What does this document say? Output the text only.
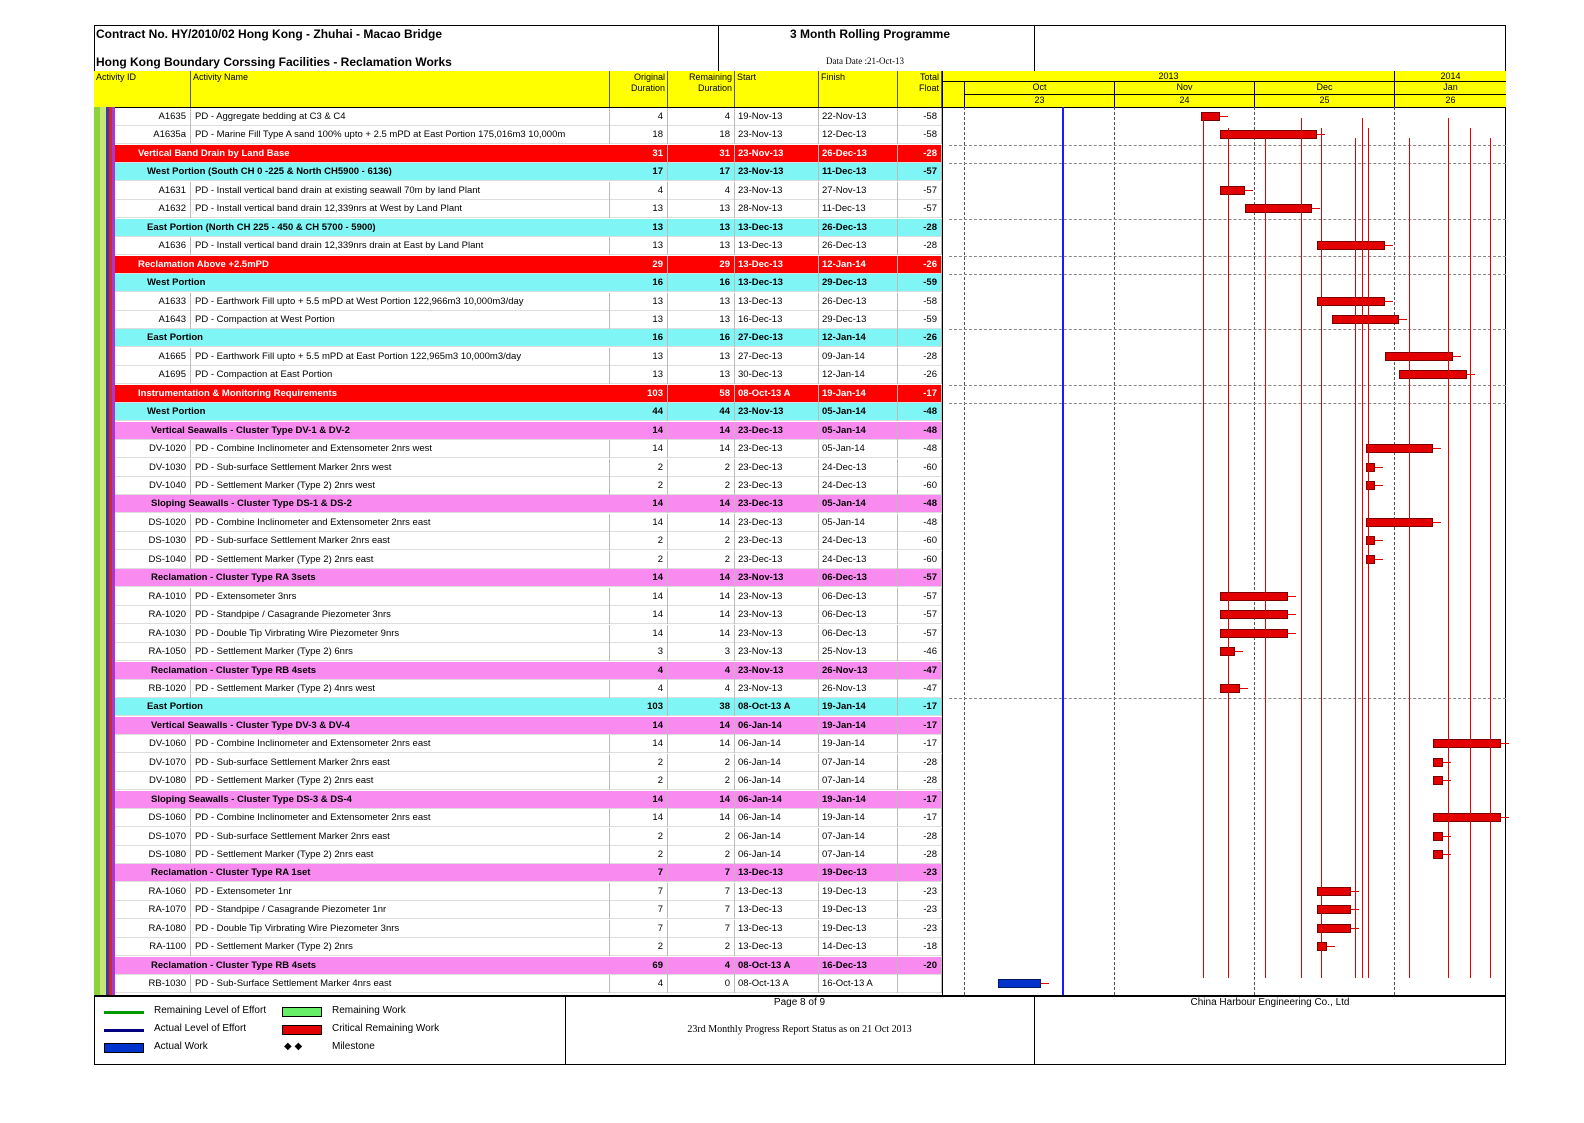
Contract No. HY/2010/02 Hong Kong - Zhuhai - Macao Bridge
Hong Kong Boundary Corssing Facilities - Reclamation Works
3 Month Rolling Programme
Data Date :21-Oct-13
Activity ID	Activity Name	Original
Duration
Remaining
Duration
Start	Finish	Total
Float
2013	2014
Oct	Nov	Dec	Jan
23	24	25	26
A1635 PD - Aggregate bedding at C3 & C4	4	4 19-Nov-13	22-Nov-13	-58
A1635a PD - Marine Fill Type A sand 100% upto + 2.5 mPD at East Portion 175,016m3 10,000m	18	18 23-Nov-13	12-Dec-13	-58
Vertical Band Drain by Land Base	31	31 23-Nov-13	26-Dec-13	-28
West Portion (South CH 0 -225 & North CH5900 - 6136)	17	17 23-Nov-13	11-Dec-13	-57
A1631 PD - Install vertical band drain at existing seawall 70m by land Plant	4	4 23-Nov-13	27-Nov-13	-57
A1632 PD - Install vertical band drain 12,339nrs at West by Land Plant	13	13 28-Nov-13	11-Dec-13	-57
East Portion (North CH 225 - 450 & CH 5700 - 5900)	13	13 13-Dec-13	26-Dec-13	-28
A1636 PD - Install vertical band drain 12,339nrs drain at East by Land Plant	13	13 13-Dec-13	26-Dec-13	-28
Reclamation Above +2.5mPD	29	29 13-Dec-13	12-Jan-14	-26
West Portion	16	16 13-Dec-13	29-Dec-13	-59
A1633 PD - Earthwork Fill upto + 5.5 mPD at West Portion 122,966m3 10,000m3/day	13	13 13-Dec-13	26-Dec-13	-58
A1643 PD - Compaction at West Portion	13	13 16-Dec-13	29-Dec-13	-59
East Portion	16	16 27-Dec-13	12-Jan-14	-26
A1665 PD - Earthwork Fill upto + 5.5 mPD at East Portion 122,965m3 10,000m3/day	13	13 27-Dec-13	09-Jan-14	-28
A1695 PD - Compaction at East Portion	13	13 30-Dec-13	12-Jan-14	-26
Instrumentation & Monitoring Requirements	103	58 08-Oct-13 A	19-Jan-14	-17
West Portion	44	44 23-Nov-13	05-Jan-14	-48
Vertical Seawalls - Cluster Type DV-1 & DV-2	14	14 23-Dec-13	05-Jan-14	-48
DV-1020 PD - Combine Inclinometer and Extensometer 2nrs west	14	14 23-Dec-13	05-Jan-14	-48
DV-1030 PD - Sub-surface Settlement Marker 2nrs west	2	2 23-Dec-13	24-Dec-13	-60
DV-1040 PD - Settlement Marker (Type 2) 2nrs west	2	2 23-Dec-13	24-Dec-13	-60
Sloping Seawalls - Cluster Type DS-1 & DS-2	14	14 23-Dec-13	05-Jan-14	-48
DS-1020 PD - Combine Inclinometer and Extensometer 2nrs east	14	14 23-Dec-13	05-Jan-14	-48
DS-1030 PD - Sub-surface Settlement Marker 2nrs east	2	2 23-Dec-13	24-Dec-13	-60
DS-1040 PD - Settlement Marker (Type 2) 2nrs east	2	2 23-Dec-13	24-Dec-13	-60
Reclamation - Cluster Type RA 3sets	14	14 23-Nov-13	06-Dec-13	-57
RA-1010 PD - Extensometer 3nrs	14	14 23-Nov-13	06-Dec-13	-57
RA-1020 PD - Standpipe / Casagrande Piezometer 3nrs	14	14 23-Nov-13	06-Dec-13	-57
RA-1030 PD - Double Tip Virbrating Wire Piezometer 9nrs	14	14 23-Nov-13	06-Dec-13	-57
RA-1050 PD - Settlement Marker (Type 2) 6nrs	3	3 23-Nov-13	25-Nov-13	-46
Reclamation - Cluster Type RB 4sets	4	4 23-Nov-13	26-Nov-13	-47
RB-1020 PD - Settlement Marker (Type 2) 4nrs west	4	4 23-Nov-13	26-Nov-13	-47
East Portion	103	38 08-Oct-13 A	19-Jan-14	-17
Vertical Seawalls - Cluster Type DV-3 & DV-4	14	14 06-Jan-14	19-Jan-14	-17
DV-1060 PD - Combine Inclinometer and Extensometer 2nrs east	14	14 06-Jan-14	19-Jan-14	-17
DV-1070 PD - Sub-surface Settlement Marker 2nrs east	2	2 06-Jan-14	07-Jan-14	-28
DV-1080 PD - Settlement Marker (Type 2) 2nrs east	2	2 06-Jan-14	07-Jan-14	-28
Sloping Seawalls - Cluster Type DS-3 & DS-4	14	14 06-Jan-14	19-Jan-14	-17
DS-1060 PD - Combine Inclinometer and Extensometer 2nrs east	14	14 06-Jan-14	19-Jan-14	-17
DS-1070 PD - Sub-surface Settlement Marker 2nrs east	2	2 06-Jan-14	07-Jan-14	-28
DS-1080 PD - Settlement Marker (Type 2) 2nrs east	2	2 06-Jan-14	07-Jan-14	-28
Reclamation - Cluster Type RA 1set	7	7 13-Dec-13	19-Dec-13	-23
RA-1060 PD - Extensometer 1nr	7	7 13-Dec-13	19-Dec-13	-23
RA-1070 PD - Standpipe / Casagrande Piezometer 1nr	7	7 13-Dec-13	19-Dec-13	-23
RA-1080 PD - Double Tip Virbrating Wire Piezometer 3nrs	7	7 13-Dec-13	19-Dec-13	-23
RA-1100 PD - Settlement Marker (Type 2) 2nrs	2	2 13-Dec-13	14-Dec-13	-18
Reclamation - Cluster Type RB 4sets	69	4 08-Oct-13 A	16-Dec-13	-20
RB-1030 PD - Sub-Surface Settlement Marker 4nrs east	4	0 08-Oct-13 A	16-Oct-13 A
Remaining Level of Effort	Remaining Work
Actual Level of Effort	Critical Remaining Work
Actual Work	◆ ◆	Milestone
Page 8 of 9
23rd Monthly Progress Report Status as on 21 Oct 2013
China Harbour Engineering Co., Ltd
